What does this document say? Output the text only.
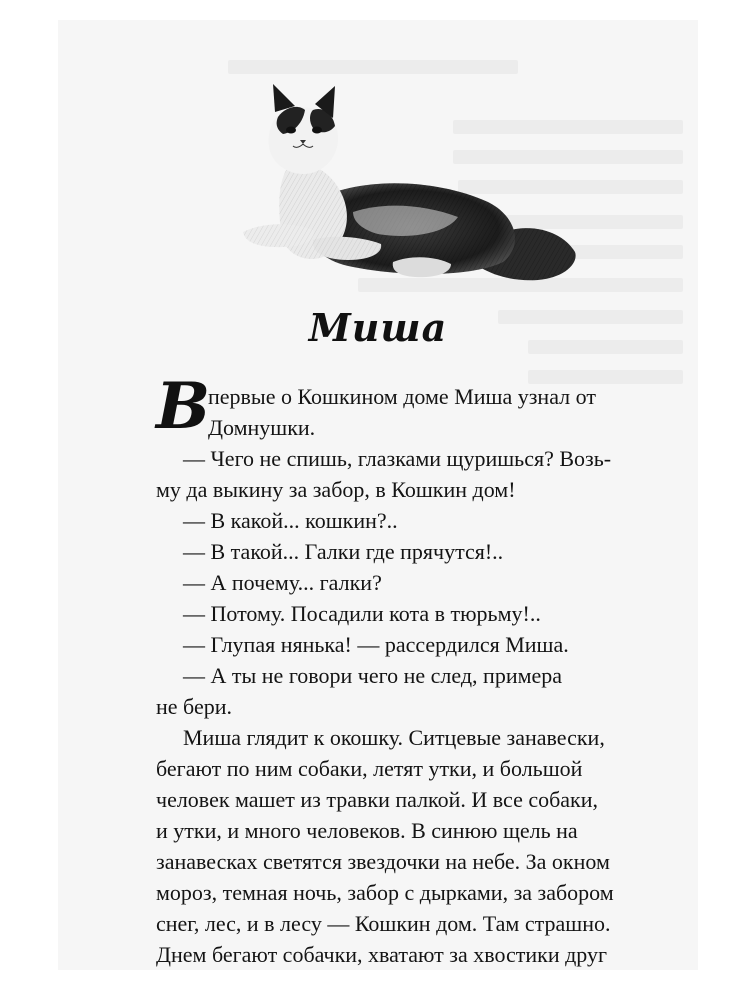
Миша
В
первые о Кошкином доме Миша узнал от
Домнушки.
— Чего не спишь, глазками щуришься? Возь-
му да выкину за забор, в Кошкин дом!
— В какой... кошкин?..
— В такой... Галки где прячутся!..
— А почему... галки?
— Потому. Посадили кота в тюрьму!..
— Глупая нянька! — рассердился Миша.
— А ты не говори чего не след, примера
не бери.
Миша глядит к окошку. Ситцевые занавески,
бегают по ним собаки, летят утки, и большой
человек машет из травки палкой. И все собаки,
и утки, и много человеков. В синюю щель на
занавесках светятся звездочки на небе. За окном
мороз, темная ночь, забор с дырками, за забором
снег, лес, и в лесу — Кошкин дом. Там страшно.
Днем бегают собачки, хватают за хвостики друг
